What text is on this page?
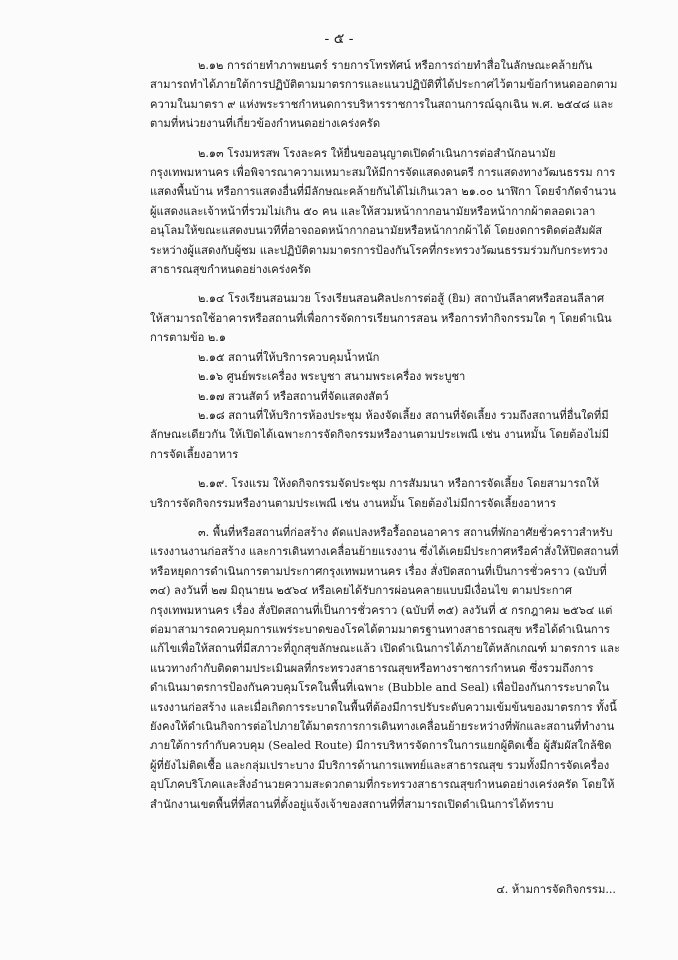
- ๕ -

๒.๑๒ การถ่ายทำภาพยนตร์ รายการโทรทัศน์ หรือการถ่ายทำสื่อในลักษณะคล้ายกัน สามารถทำได้ภายใต้การปฏิบัติตามมาตรการและแนวปฏิบัติที่ได้ประกาศไว้ตามข้อกำหนดออกตามความในมาตรา ๙ แห่งพระราชกำหนดการบริหารราชการในสถานการณ์ฉุกเฉิน พ.ศ. ๒๕๔๘ และตามที่หน่วยงานที่เกี่ยวข้องกำหนดอย่างเคร่งครัด

๒.๑๓ โรงมหรสพ โรงละคร ให้ยื่นขออนุญาตเปิดดำเนินการต่อสำนักอนามัย กรุงเทพมหานคร เพื่อพิจารณาความเหมาะสมให้มีการจัดแสดงดนตรี การแสดงทางวัฒนธรรม การแสดงพื้นบ้าน หรือการแสดงอื่นที่มีลักษณะคล้ายกันได้ไม่เกินเวลา ๒๑.๐๐ นาฬิกา โดยจำกัดจำนวนผู้แสดงและเจ้าหน้าที่รวมไม่เกิน ๕๐ คน และให้สวมหน้ากากอนามัยหรือหน้ากากผ้าตลอดเวลา อนุโลมให้ขณะแสดงบนเวทีที่อาจถอดหน้ากากอนามัยหรือหน้ากากผ้าได้ โดยงดการติดต่อสัมผัสระหว่างผู้แสดงกับผู้ชม และปฏิบัติตามมาตรการป้องกันโรคที่กระทรวงวัฒนธรรมร่วมกับกระทรวงสาธารณสุขกำหนดอย่างเคร่งครัด

๒.๑๔ โรงเรียนสอนมวย โรงเรียนสอนศิลปะการต่อสู้ (ยิม) สถาบันลีลาศหรือสอนลีลาศ ให้สามารถใช้อาคารหรือสถานที่เพื่อการจัดการเรียนการสอน หรือการทำกิจกรรมใด ๆ โดยดำเนินการตามข้อ ๒.๑

๒.๑๕ สถานที่ให้บริการควบคุมน้ำหนัก

๒.๑๖ ศูนย์พระเครื่อง พระบูชา สนามพระเครื่อง พระบูชา

๒.๑๗ สวนสัตว์ หรือสถานที่จัดแสดงสัตว์

๒.๑๘ สถานที่ให้บริการห้องประชุม ห้องจัดเลี้ยง สถานที่จัดเลี้ยง รวมถึงสถานที่อื่นใดที่มีลักษณะเดียวกัน ให้เปิดได้เฉพาะการจัดกิจกรรมหรืองานตามประเพณี เช่น งานหมั้น โดยต้องไม่มีการจัดเลี้ยงอาหาร

๒.๑๙. โรงแรม ให้งดกิจกรรมจัดประชุม การสัมมนา หรือการจัดเลี้ยง โดยสามารถให้บริการจัดกิจกรรมหรืองานตามประเพณี เช่น งานหมั้น โดยต้องไม่มีการจัดเลี้ยงอาหาร

๓. พื้นที่หรือสถานที่ก่อสร้าง ดัดแปลงหรือรื้อถอนอาคาร สถานที่พักอาศัยชั่วคราวสำหรับแรงงานงานก่อสร้าง และการเดินทางเคลื่อนย้ายแรงงาน ซึ่งได้เคยมีประกาศหรือคำสั่งให้ปิดสถานที่หรือหยุดการดำเนินการตามประกาศกรุงเทพมหานคร เรื่อง สั่งปิดสถานที่เป็นการชั่วคราว (ฉบับที่ ๓๔) ลงวันที่ ๒๗ มิถุนายน ๒๕๖๔ หรือเคยได้รับการผ่อนคลายแบบมีเงื่อนไข ตามประกาศกรุงเทพมหานคร เรื่อง สั่งปิดสถานที่เป็นการชั่วคราว (ฉบับที่ ๓๕) ลงวันที่ ๕ กรกฎาคม ๒๕๖๔ แต่ต่อมาสามารถควบคุมการแพร่ระบาดของโรคได้ตามมาตรฐานทางสาธารณสุข หรือได้ดำเนินการแก้ไขเพื่อให้สถานที่มีสภาวะที่ถูกสุขลักษณะแล้ว เปิดดำเนินการได้ภายใต้หลักเกณฑ์ มาตรการ และแนวทางกำกับติดตามประเมินผลที่กระทรวงสาธารณสุขหรือทางราชการกำหนด ซึ่งรวมถึงการดำเนินมาตรการป้องกันควบคุมโรคในพื้นที่เฉพาะ (Bubble and Seal) เพื่อป้องกันการระบาดในแรงงานก่อสร้าง และเมื่อเกิดการระบาดในพื้นที่ต้องมีการปรับระดับความเข้มข้นของมาตรการ ทั้งนี้ ยังคงให้ดำเนินกิจการต่อไปภายใต้มาตรการการเดินทางเคลื่อนย้ายระหว่างที่พักและสถานที่ทำงานภายใต้การกำกับควบคุม (Sealed Route) มีการบริหารจัดการในการแยกผู้ติดเชื้อ ผู้สัมผัสใกล้ชิด ผู้ที่ยังไม่ติดเชื้อ และกลุ่มเปราะบาง มีบริการด้านการแพทย์และสาธารณสุข รวมทั้งมีการจัดเครื่องอุปโภคบริโภคและสิ่งอำนวยความสะดวกตามที่กระทรวงสาธารณสุขกำหนดอย่างเคร่งครัด โดยให้สำนักงานเขตพื้นที่ที่สถานที่ตั้งอยู่แจ้งเจ้าของสถานที่ที่สามารถเปิดดำเนินการได้ทราบ

๔. ห้ามการจัดกิจกรรม...
